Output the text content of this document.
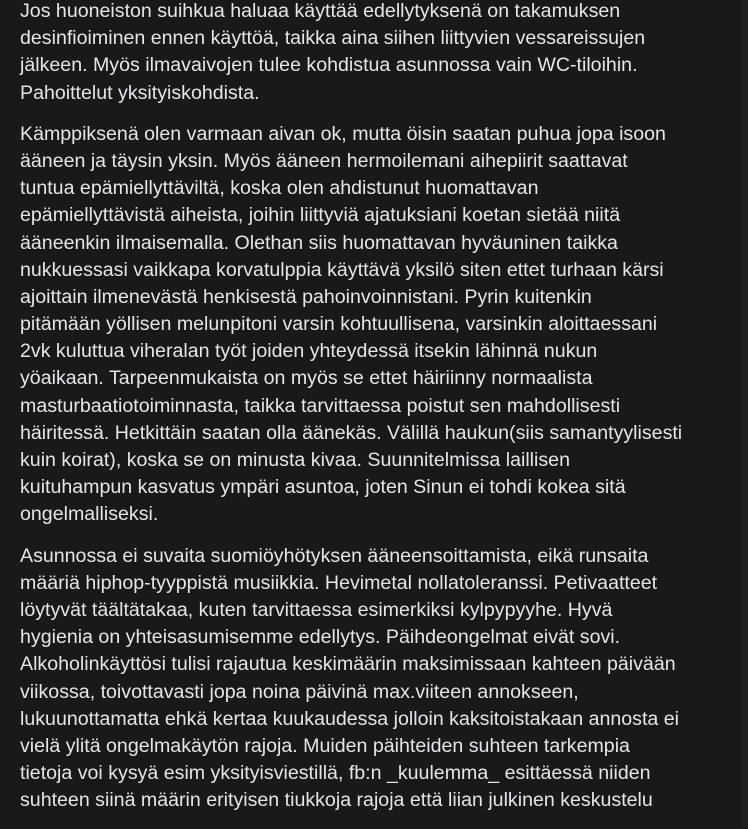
Jos huoneiston suihkua haluaa käyttää edellytyksenä on takamuksen
desinfioiminen ennen käyttöä, taikka aina siihen liittyvien vessareissujen
jälkeen. Myös ilmavaivojen tulee kohdistua asunnossa vain WC-tiloihin.
Pahoittelut yksityiskohdista.

Kämppiksenä olen varmaan aivan ok, mutta öisin saatan puhua jopa isoon
ääneen ja täysin yksin. Myös ääneen hermoilemani aihepiirit saattavat
tuntua epämiellyttäviltä, koska olen ahdistunut huomattavan
epämiellyttävistä aiheista, joihin liittyviä ajatuksiani koetan sietää niitä
ääneenkin ilmaisemalla. Olethan siis huomattavan hyväuninen taikka
nukkuessasi vaikkapa korvatulppia käyttävä yksilö siten ettet turhaan kärsi
ajoittain ilmenevästä henkisestä pahoinvoinnistani. Pyrin kuitenkin
pitämään yöllisen melunpitoni varsin kohtuullisena, varsinkin aloittaessani
2vk kuluttua viheralan työt joiden yhteydessä itsekin lähinnä nukun
yöaikaan. Tarpeenmukaista on myös se ettet häiriinny normaalista
masturbaatiotoiminnasta, taikka tarvittaessa poistut sen mahdollisesti
häiritessä. Hetkittäin saatan olla äänekäs. Välillä haukun(siis samantyylisesti
kuin koirat), koska se on minusta kivaa. Suunnitelmissa laillisen
kuituhampun kasvatus ympäri asuntoa, joten Sinun ei tohdi kokea sitä
ongelmalliseksi.

Asunnossa ei suvaita suomiöyhötyksen ääneensoittamista, eikä runsaita
määriä hiphop-tyyppistä musiikkia. Hevimetal nollatoleranssi. Petivaatteet
löytyvät täältätakaa, kuten tarvittaessa esimerkiksi kylpypyyhe. Hyvä
hygienia on yhteisasumisemme edellytys. Päihdeongelmat eivät sovi.
Alkoholinkäyttösi tulisi rajautua keskimäärin maksimissaan kahteen päivään
viikossa, toivottavasti jopa noina päivinä max.viiteen annokseen,
lukuunottamatta ehkä kertaa kuukaudessa jolloin kaksitoistakaan annosta ei
vielä ylitä ongelmakäytön rajoja. Muiden päihteiden suhteen tarkempia
tietoja voi kysyä esim yksityisviestillä, fb:n _kuulemma_ esittäessä niiden
suhteen siinä määrin erityisen tiukkoja rajoja että liian julkinen keskustelu
